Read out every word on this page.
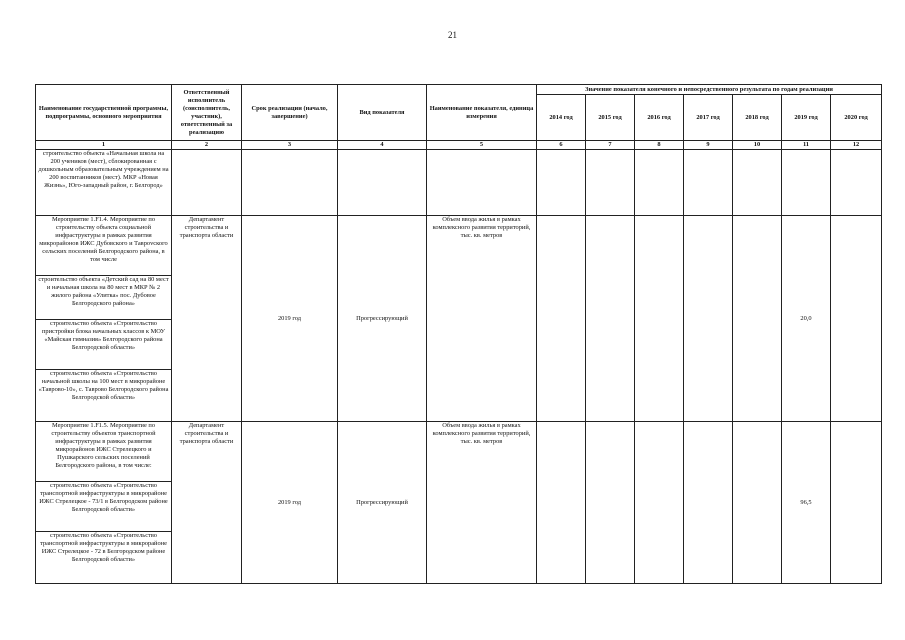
21
Наименование государственной программы, подпрограммы, основного мероприятия	Ответственный исполнитель (соисполнитель, участник), ответственный за реализацию	Срок реализации (начало, завершение)	Вид показателя	Наименование показателя, единица измерения	Значение показателя конечного и непосредственного результата по годам реализации						
					2014 год	2015 год	2016 год	2017 год	2018 год	2019 год	2020 год
1	2	3	4	5	6	7	8	9	10	11	12
строительство объекта «Начальная школа на 200 учеников (мест), сблокированная с дошкольным образовательным учреждением на 200 воспитанников (мест). МКР «Новая Жизнь», Юго-западный район, г. Белгород»											
Мероприятие 1.F1.4. Мероприятие по строительству объекта социальной инфраструктуры в рамках развития микрорайонов ИЖС Дубовского и Таврovского сельских поселений Белгородского района, в том числе	Департамент строительства и транспорта области	2019 год	Прогрессирующий	Объем ввода жилья в рамках комплексного развития территорий, тыс. кв. метров						20,0	
строительство объекта «Детский сад на 80 мест и начальная школа на 80 мест в МКР № 2 жилого района «Улитка» пос. Дубовое Белгородского района»											
строительство объекта «Строительство пристройки блока начальных классов к МОУ «Майская гимназия» Белгородского района Белгородской области»											
строительство объекта «Строительство начальной школы на 100 мест в микрорайоне «Таврово-10», с. Таврово Белгородского района Белгородской области»											
Мероприятие 1.F1.5. Мероприятие по строительству объектов транспортной инфраструктуры в рамках развития микрорайонов ИЖС Стрелецкого и Пушкарского сельских поселений Белгородского района, в том числе:	Департамент строительства и транспорта области	2019 год	Прогрессирующий	Объем ввода жилья в рамках комплексного развития территорий, тыс. кв. метров						96,5	
строительство объекта «Строительство транспортной инфраструктуры в микрорайоне ИЖС Стрелецкое - 73/1 в Белгородском районе Белгородской области»											
строительство объекта «Строительство транспортной инфраструктуры в микрорайоне ИЖС Стрелецкое - 72 в Белгородском районе Белгородской области»											
